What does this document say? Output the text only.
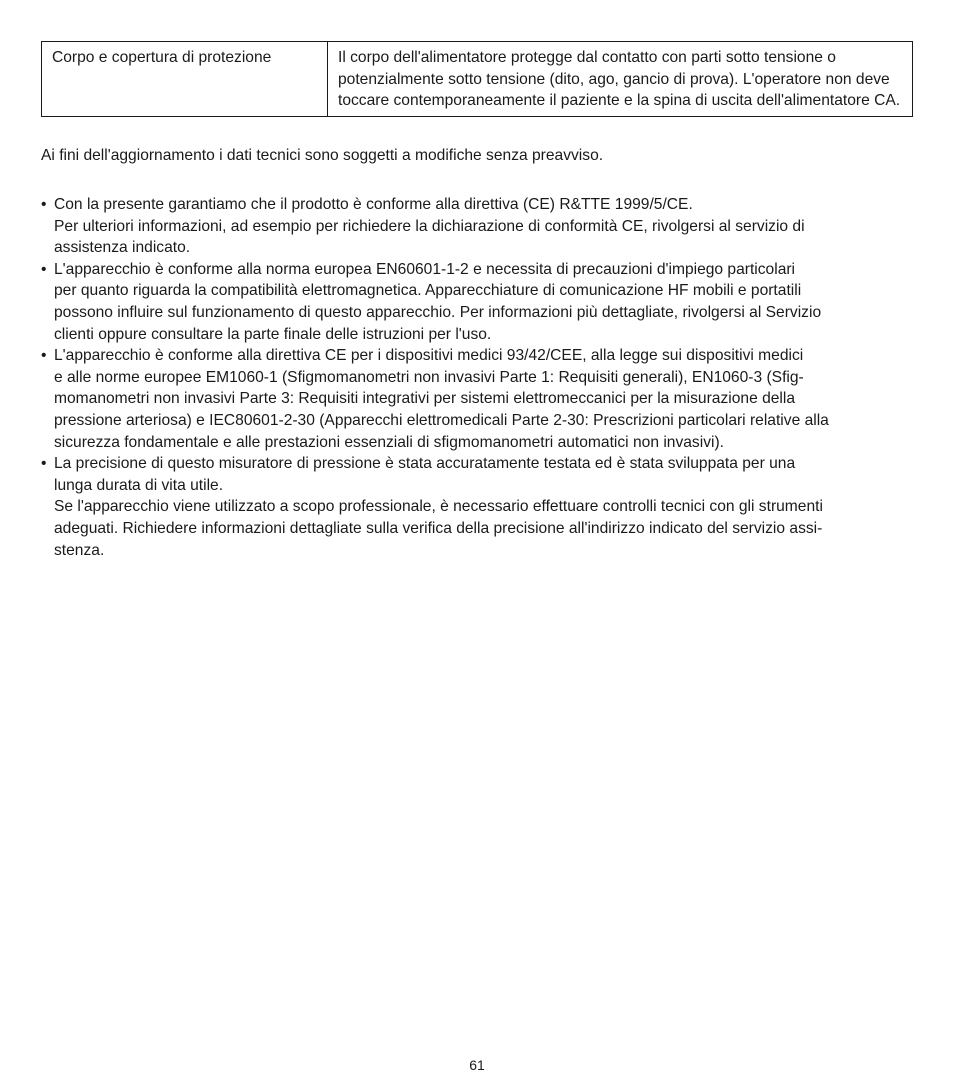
Corpo e copertura di protezione	Il corpo dell'alimentatore protegge dal contatto con parti sotto tensione o potenzialmente sotto tensione (dito, ago, gancio di prova). L'operatore non deve toccare contemporaneamente il paziente e la spina di uscita dell'alimentatore CA.
Ai fini dell'aggiornamento i dati tecnici sono soggetti a modifiche senza preavviso.
• Con la presente garantiamo che il prodotto è conforme alla direttiva (CE) R&TTE 1999/5/CE.
Per ulteriori informazioni, ad esempio per richiedere la dichiarazione di conformità CE, rivolgersi al servizio di
assistenza indicato.
• L'apparecchio è conforme alla norma europea EN60601-1-2 e necessita di precauzioni d'impiego particolari
per quanto riguarda la compatibilità elettromagnetica. Apparecchiature di comunicazione HF mobili e portatili
possono influire sul funzionamento di questo apparecchio. Per informazioni più dettagliate, rivolgersi al Servizio
clienti oppure consultare la parte finale delle istruzioni per l'uso.
• L'apparecchio è conforme alla direttiva CE per i dispositivi medici 93/42/CEE, alla legge sui dispositivi medici
e alle norme europee EM1060-1 (Sfigmomanometri non invasivi Parte 1: Requisiti generali), EN1060-3 (Sfig-
momanometri non invasivi Parte 3: Requisiti integrativi per sistemi elettromeccanici per la misurazione della
pressione arteriosa) e IEC80601-2-30 (Apparecchi elettromedicali Parte 2-30: Prescrizioni particolari relative alla
sicurezza fondamentale e alle prestazioni essenziali di sfigmomanometri automatici non invasivi).
• La precisione di questo misuratore di pressione è stata accuratamente testata ed è stata sviluppata per una
lunga durata di vita utile.
Se l'apparecchio viene utilizzato a scopo professionale, è necessario effettuare controlli tecnici con gli strumenti
adeguati. Richiedere informazioni dettagliate sulla verifica della precisione all'indirizzo indicato del servizio assi-
stenza.
61
